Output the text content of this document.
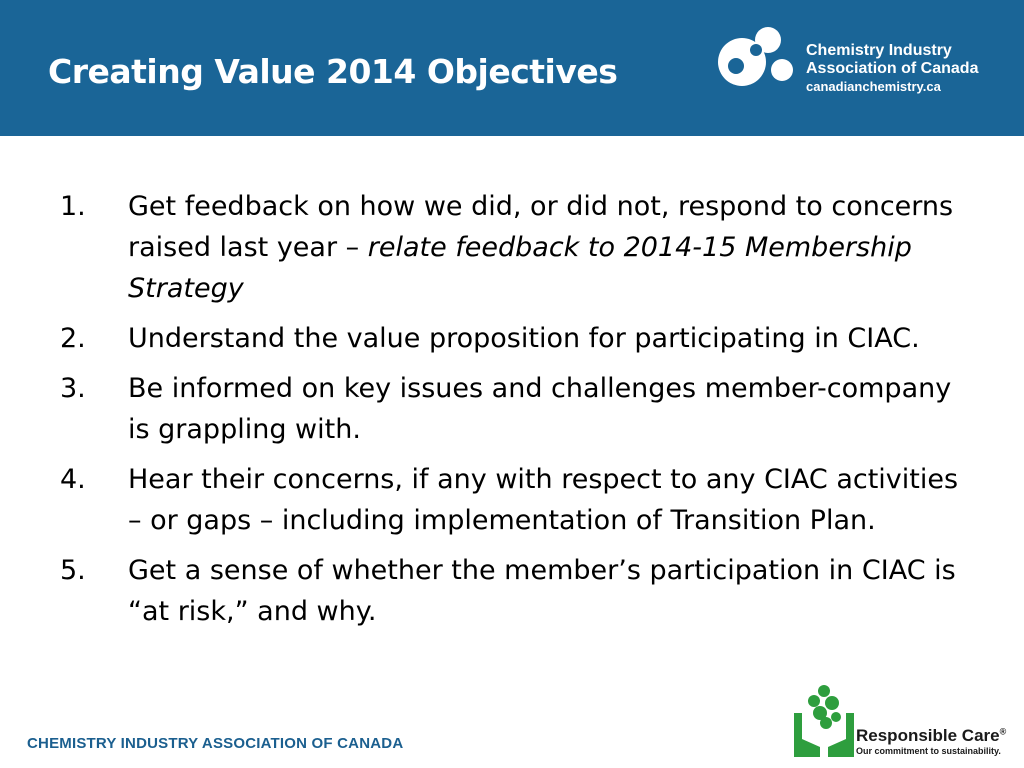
Creating Value 2014 Objectives
Chemistry Industry
Association of Canada
canadianchemistry.ca
1.	Get feedback on how we did, or did not, respond to concerns raised last year – relate feedback to 2014-15 Membership Strategy
2.	Understand the value proposition for participating in CIAC.
3.	Be informed on key issues and challenges member-company is grappling with.
4.	Hear their concerns, if any with respect to any CIAC activities – or gaps – including implementation of Transition Plan.
5.	Get a sense of whether the member’s participation in CIAC is “at risk,” and why.
CHEMISTRY INDUSTRY ASSOCIATION OF CANADA	Responsible Care®
Our commitment to sustainability.
